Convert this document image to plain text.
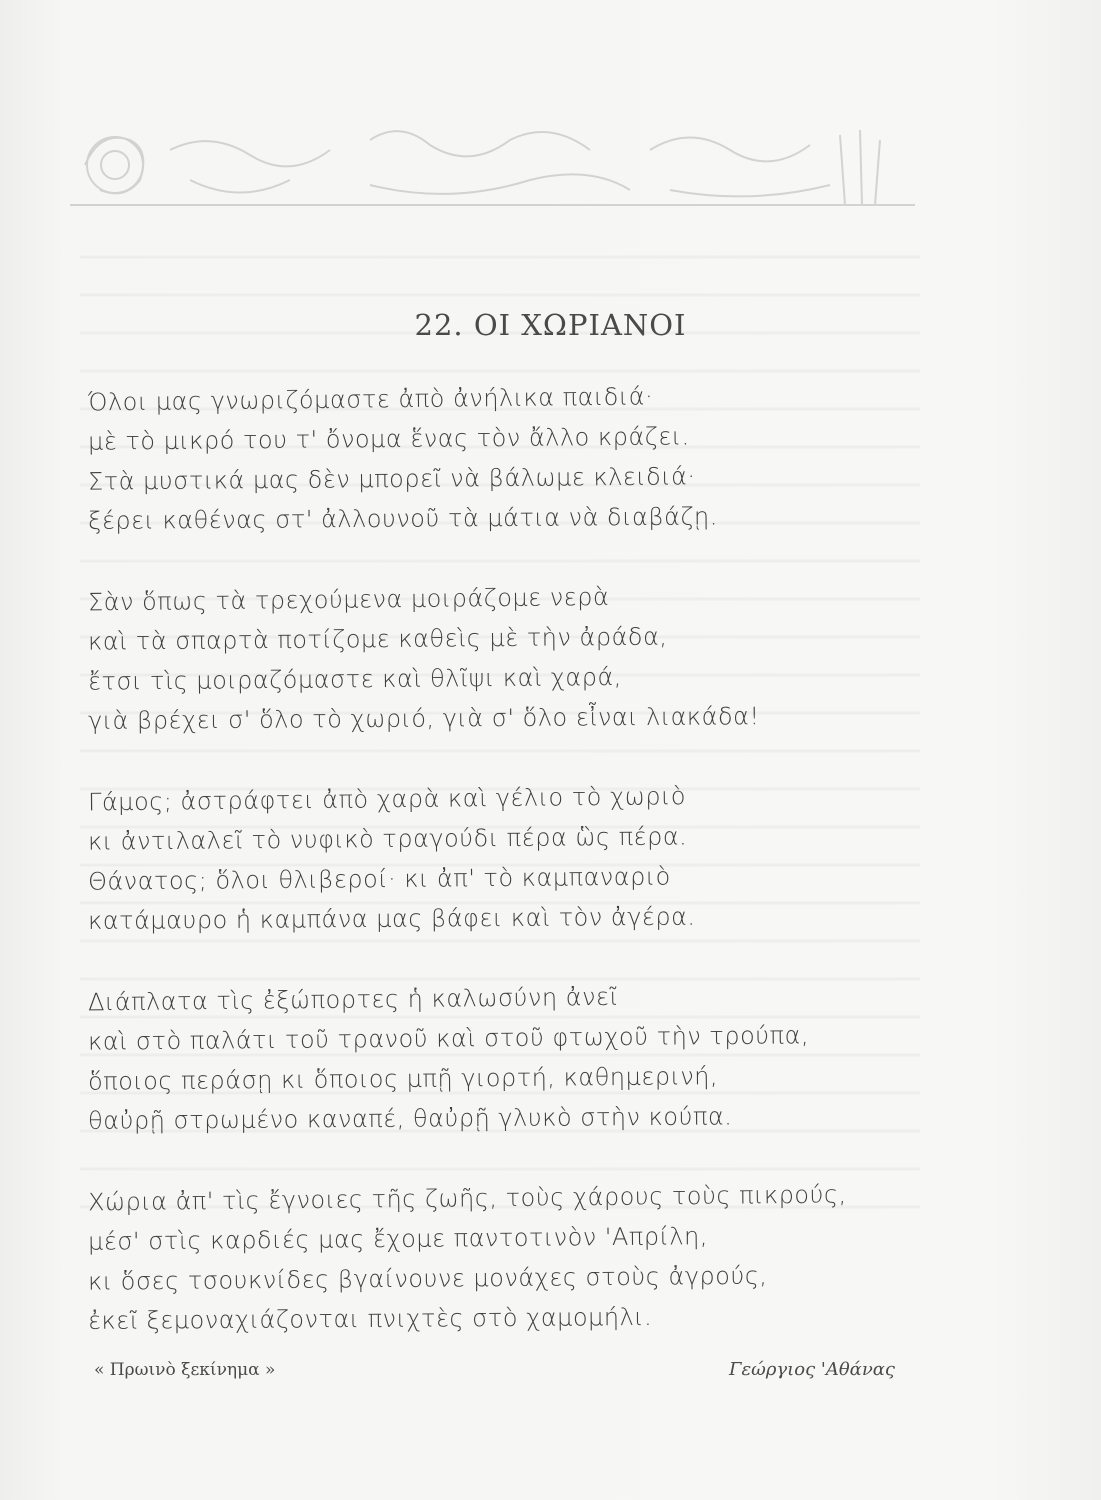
22. ΟΙ ΧΩΡΙΑΝΟΙ
Όλοι μας γνωριζόμαστε ἀπὸ ἀνήλικα παιδιά·
μὲ τὸ μικρό του τ' ὄνομα ἕνας τὸν ἄλλο κράζει.
Στὰ μυστικά μας δὲν μπορεῖ νὰ βάλωμε κλειδιά·
ξέρει καθένας στ' ἀλλουνοῦ τὰ μάτια νὰ διαβάζῃ.
Σὰν ὅπως τὰ τρεχούμενα μοιράζομε νερὰ
καὶ τὰ σπαρτὰ ποτίζομε καθεὶς μὲ τὴν ἀράδα,
ἔτσι τὶς μοιραζόμαστε καὶ θλῖψι καὶ χαρά,
γιὰ βρέχει σ' ὅλο τὸ χωριό, γιὰ σ' ὅλο εἶναι λιακάδα!
Γάμος; ἀστράφτει ἀπὸ χαρὰ καὶ γέλιο τὸ χωριὸ
κι ἀντιλαλεῖ τὸ νυφικὸ τραγούδι πέρα ὣς πέρα.
Θάνατος; ὅλοι θλιβεροί· κι ἀπ' τὸ καμπαναριὸ
κατάμαυρο ἡ καμπάνα μας βάφει καὶ τὸν ἀγέρα.
Διάπλατα τὶς ἐξώπορτες ἡ καλωσύνη ἀνεῖ
καὶ στὸ παλάτι τοῦ τρανοῦ καὶ στοῦ φτωχοῦ τὴν τρούπα,
ὅποιος περάσῃ κι ὅποιος μπῇ γιορτή, καθημερινή,
θαὐρῇ στρωμένο καναπέ, θαὐρῇ γλυκὸ στὴν κούπα.
Χώρια ἀπ' τὶς ἔγνοιες τῆς ζωῆς, τοὺς χάρους τοὺς πικρούς,
μέσ' στὶς καρδιές μας ἔχομε παντοτινὸν 'Απρίλη,
κι ὅσες τσουκνίδες βγαίνουνε μονάχες στοὺς ἀγρούς,
ἐκεῖ ξεμοναχιάζονται πνιχτὲς στὸ χαμομήλι.
« Πρωινὸ ξεκίνημα »	Γεώργιος 'Αθάνας
